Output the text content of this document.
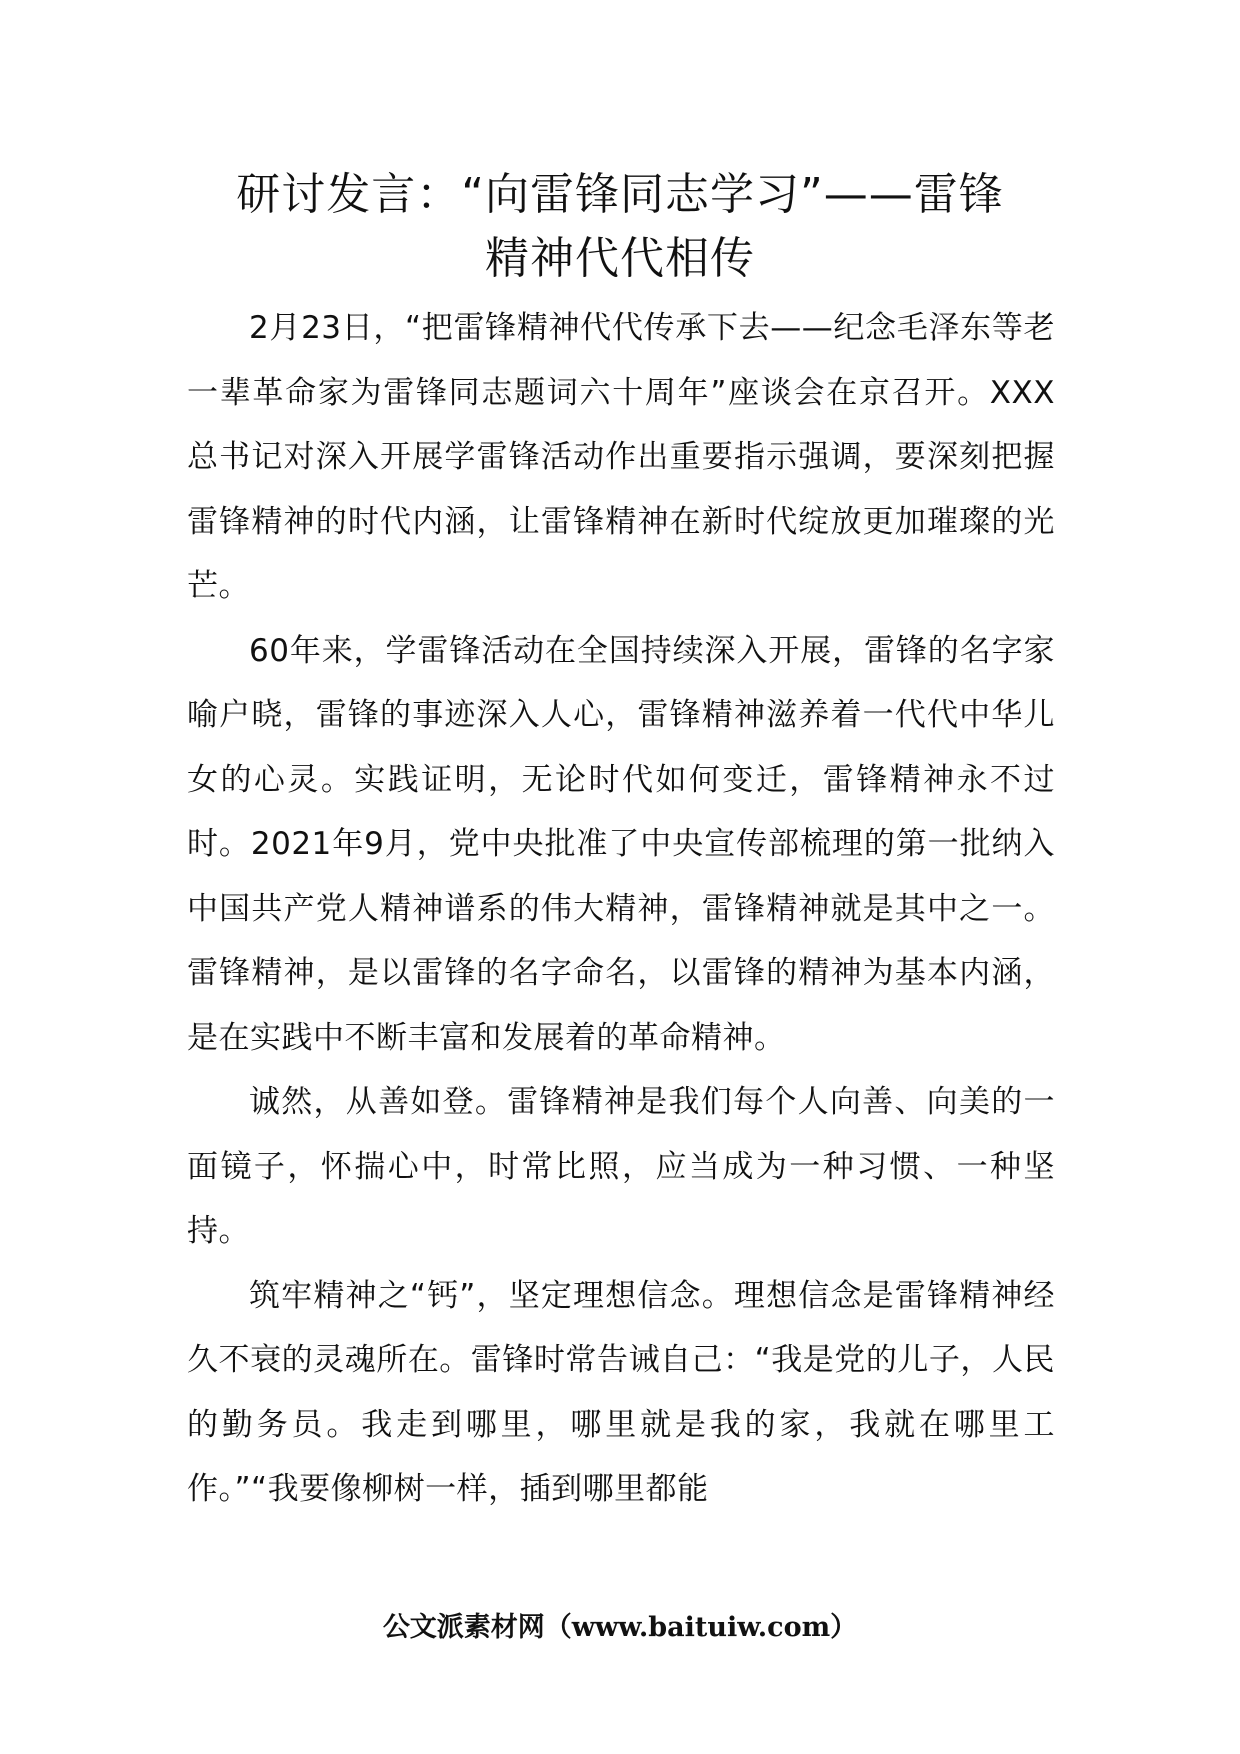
研讨发言：“向雷锋同志学习”——雷锋
精神代代相传

2月23日，“把雷锋精神代代传承下去——纪念毛泽东等老一辈革命家为雷锋同志题词六十周年”座谈会在京召开。XXX总书记对深入开展学雷锋活动作出重要指示强调，要深刻把握雷锋精神的时代内涵，让雷锋精神在新时代绽放更加璀璨的光芒。

60年来，学雷锋活动在全国持续深入开展，雷锋的名字家喻户晓，雷锋的事迹深入人心，雷锋精神滋养着一代代中华儿女的心灵。实践证明，无论时代如何变迁，雷锋精神永不过时。2021年9月，党中央批准了中央宣传部梳理的第一批纳入中国共产党人精神谱系的伟大精神，雷锋精神就是其中之一。雷锋精神，是以雷锋的名字命名，以雷锋的精神为基本内涵，是在实践中不断丰富和发展着的革命精神。

诚然，从善如登。雷锋精神是我们每个人向善、向美的一面镜子，怀揣心中，时常比照，应当成为一种习惯、一种坚持。

筑牢精神之“钙”，坚定理想信念。理想信念是雷锋精神经久不衰的灵魂所在。雷锋时常告诫自己：“我是党的儿子，人民的勤务员。我走到哪里，哪里就是我的家，我就在哪里工作。”“我要像柳树一样，插到哪里都能

公文派素材网（www.baituiw.com）
